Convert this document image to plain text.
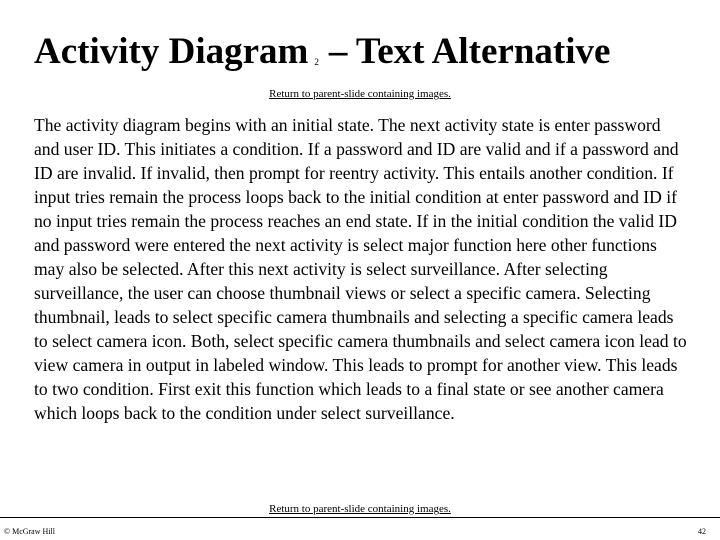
Activity Diagram $_2$ – Text Alternative
Return to parent-slide containing images.

The activity diagram begins with an initial state. The next activity state is enter password and user ID. This initiates a condition. If a password and ID are valid and if a password and ID are invalid. If invalid, then prompt for reentry activity. This entails another condition. If input tries remain the process loops back to the initial condition at enter password and ID if no input tries remain the process reaches an end state. If in the initial condition the valid ID and password were entered the next activity is select major function here other functions may also be selected. After this next activity is select surveillance. After selecting surveillance, the user can choose thumbnail views or select a specific camera. Selecting thumbnail, leads to select specific camera thumbnails and selecting a specific camera leads to select camera icon. Both, select specific camera thumbnails and select camera icon lead to view camera in output in labeled window. This leads to prompt for another view. This leads to two condition. First exit this function which leads to a final state or see another camera which loops back to the condition under select surveillance.

Return to parent-slide containing images.
© McGraw Hill	42
